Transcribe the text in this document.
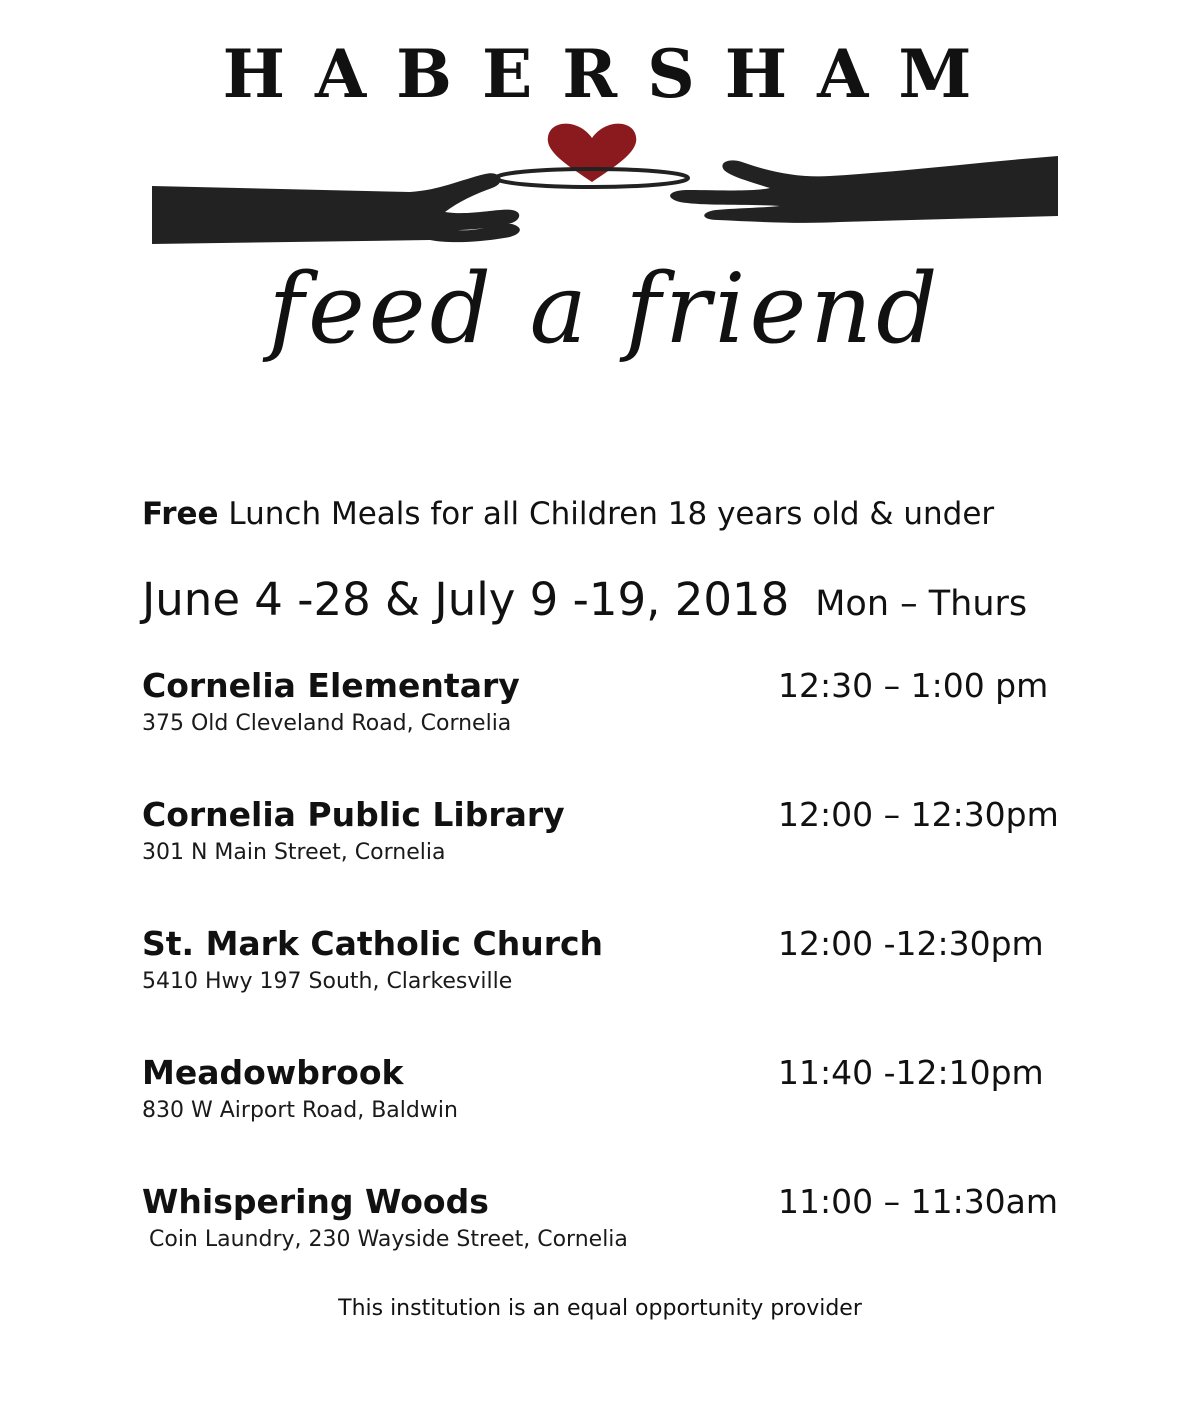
HABERSHAM
feed a friend
Free Lunch Meals for all Children 18 years old & under
June 4 -28 & July 9 -19, 2018 Mon – Thurs
Cornelia Elementary	12:30 – 1:00 pm
375 Old Cleveland Road, Cornelia
Cornelia Public Library	12:00 – 12:30pm
301 N Main Street, Cornelia
St. Mark Catholic Church	12:00 -12:30pm
5410 Hwy 197 South, Clarkesville
Meadowbrook	11:40 -12:10pm
830 W Airport Road, Baldwin
Whispering Woods	11:00 – 11:30am
Coin Laundry, 230 Wayside Street, Cornelia
This institution is an equal opportunity provider
